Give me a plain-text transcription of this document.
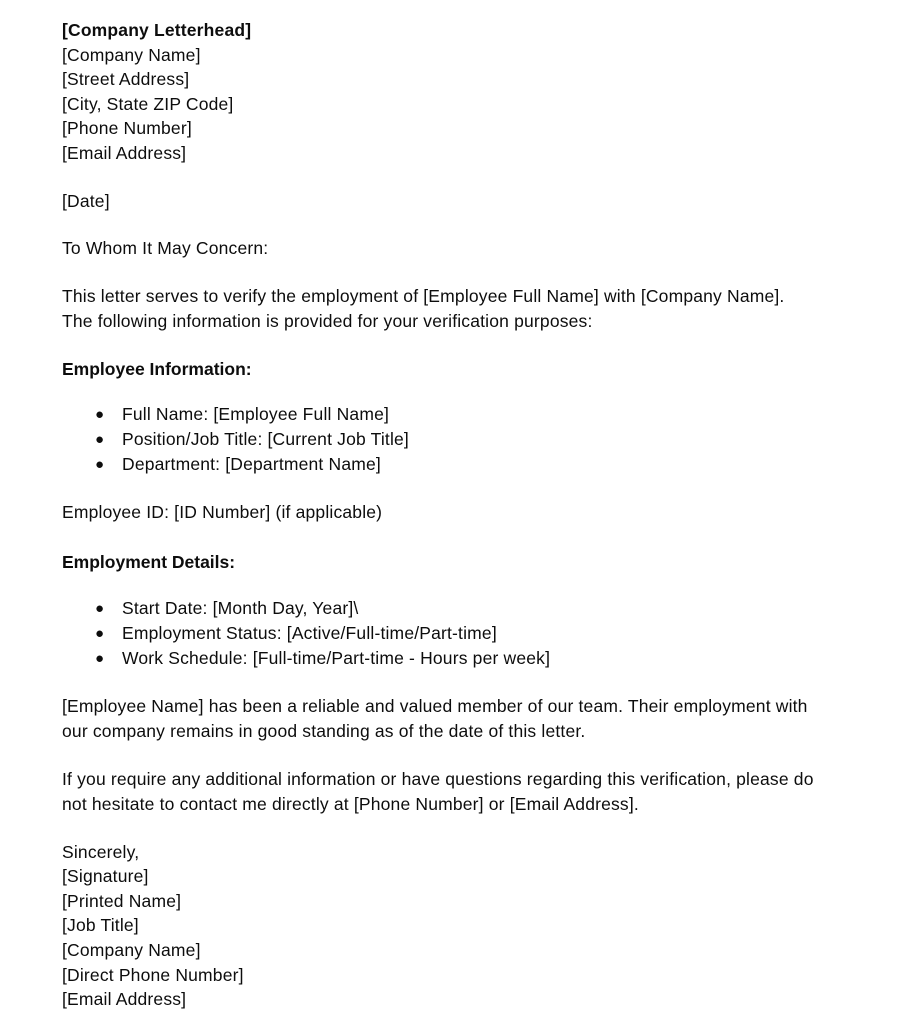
[Company Letterhead]

[Company Name]

[Street Address]

[City, State ZIP Code]

[Phone Number]

[Email Address]

[Date]

To Whom It May Concern:

This letter serves to verify the employment of [Employee Full Name] with [Company Name]. The following information is provided for your verification purposes:

Employee Information:

● Full Name: [Employee Full Name]
● Position/Job Title: [Current Job Title]
● Department: [Department Name]

Employee ID: [ID Number] (if applicable)

Employment Details:

● Start Date: [Month Day, Year]\
● Employment Status: [Active/Full-time/Part-time]
● Work Schedule: [Full-time/Part-time - Hours per week]

[Employee Name] has been a reliable and valued member of our team. Their employment with our company remains in good standing as of the date of this letter.

If you require any additional information or have questions regarding this verification, please do not hesitate to contact me directly at [Phone Number] or [Email Address].

Sincerely,

[Signature]

[Printed Name]

[Job Title]

[Company Name]

[Direct Phone Number]

[Email Address]
